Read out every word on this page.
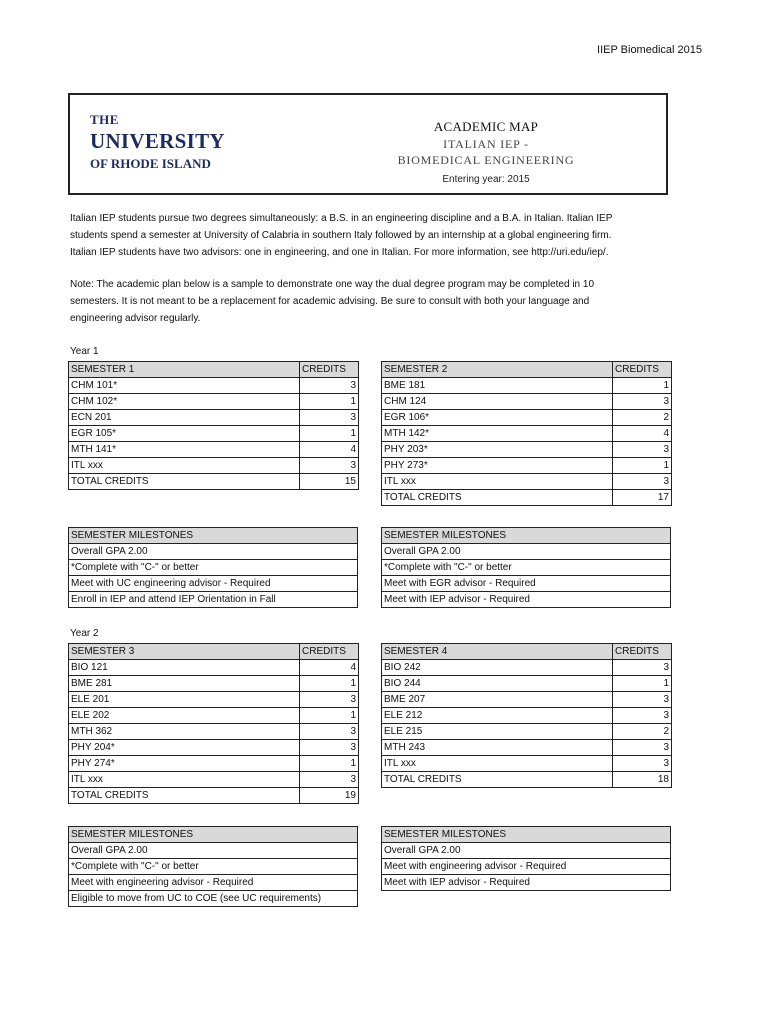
IIEP Biomedical 2015
THE
UNIVERSITY
OF RHODE ISLAND
ACADEMIC MAP
ITALIAN IEP -
BIOMEDICAL ENGINEERING
Entering year: 2015
Italian IEP students pursue two degrees simultaneously: a B.S. in an engineering discipline and a B.A. in Italian. Italian IEP
students spend a semester at University of Calabria in southern Italy followed by an internship at a global engineering firm.
Italian IEP students have two advisors: one in engineering, and one in Italian. For more information, see http://uri.edu/iep/.
Note: The academic plan below is a sample to demonstrate one way the dual degree program may be completed in 10
semesters. It is not meant to be a replacement for academic advising. Be sure to consult with both your language and
engineering advisor regularly.
Year 1
SEMESTER 1	CREDITS
CHM 101*	3
CHM 102*	1
ECN 201	3
EGR 105*	1
MTH 141*	4
ITL xxx	3
TOTAL CREDITS	15
SEMESTER 2	CREDITS
BME 181	1
CHM 124	3
EGR 106*	2
MTH 142*	4
PHY 203*	3
PHY 273*	1
ITL xxx	3
TOTAL CREDITS	17
SEMESTER MILESTONES
Overall GPA 2.00
*Complete with "C-" or better
Meet with UC engineering advisor - Required
Enroll in IEP and attend IEP Orientation in Fall
SEMESTER MILESTONES
Overall GPA 2.00
*Complete with "C-" or better
Meet with EGR advisor - Required
Meet with IEP advisor - Required
Year 2
SEMESTER 3	CREDITS
BIO 121	4
BME 281	1
ELE 201	3
ELE 202	1
MTH 362	3
PHY 204*	3
PHY 274*	1
ITL xxx	3
TOTAL CREDITS	19
SEMESTER 4	CREDITS
BIO 242	3
BIO 244	1
BME 207	3
ELE 212	3
ELE 215	2
MTH 243	3
ITL xxx	3
TOTAL CREDITS	18
SEMESTER MILESTONES
Overall GPA 2.00
*Complete with "C-" or better
Meet with engineering advisor - Required
Eligible to move from UC to COE (see UC requirements)
SEMESTER MILESTONES
Overall GPA 2.00
Meet with engineering advisor - Required
Meet with IEP advisor - Required
